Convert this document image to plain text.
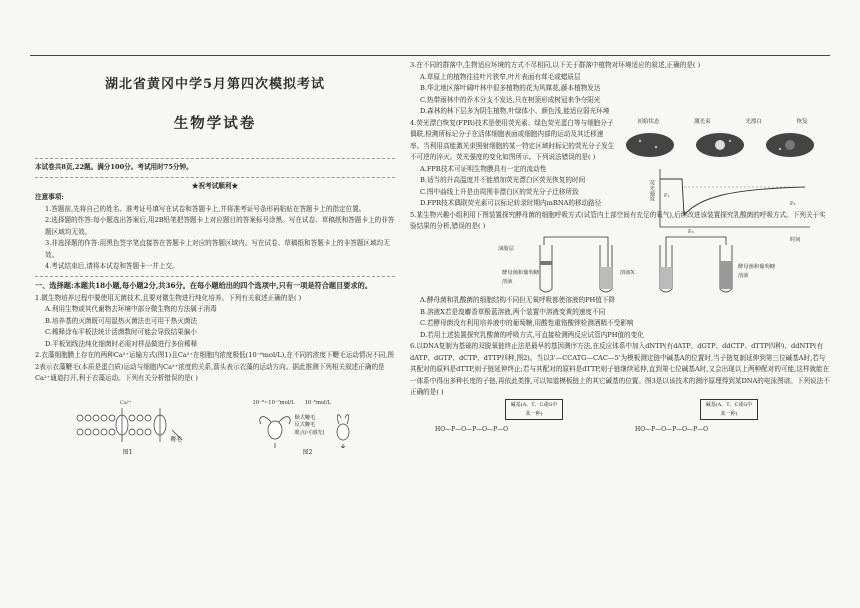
湖北省黄冈中学5月第四次模拟考试
生物学试卷
本试卷共8页,22题。满分100分。考试用时75分钟。
★祝考试顺利★
注意事项:
1.答题前,先将自己的姓名、准考证号填写在试卷和答题卡上,并将准考证号条形码粘贴在答题卡上的指定位置。
2.选择题的作答:每小题选出答案后,用2B铅笔把答题卡上对应题目的答案标号涂黑。写在试卷、草稿纸和答题卡上的非答题区域均无效。
3.非选择题的作答:用黑色签字笔直接答在答题卡上对应的答题区域内。写在试卷、草稿纸和答题卡上的非答题区域均无效。
4.考试结束后,请将本试卷和答题卡一并上交。
一、选择题:本题共18小题,每小题2分,共36分。在每小题给出的四个选项中,只有一项是符合题目要求的。
1.微生物培养过程中要使用无菌技术,且要对微生物进行纯化培养。下列有关叙述正确的是( )
A.利用生物或其代谢物去环境中部分微生物的方法属于消毒
B.培养基的灭菌既可用湿热灭菌法也可用干热灭菌法
C.稀释涂布平板法统计活菌数时可能会导致结果偏小
D.平板划线法纯化细菌时必需对样品做进行多倍稀释
2.衣藻细胞膜上存在的两种Ca²⁺运输方式(图1)且Ca²⁺在细胞内浓度极低(10⁻⁸mol/L),在不同的浓度下鞭毛运动情况不同,图2表示衣藻鞭毛(本质是蛋白质)运动与细胞内Ca²⁺浓度的关系,箭头表示衣藻的运动方向。据此推测下列相关叙述正确的是 Ca²⁺通道打开,利于衣藻运动。下列有关分析错误的是( )
Ca²⁺
鞭毛
图1
10⁻⁸~10⁻⁷mol/L 10⁻⁶mol/L
顺式鞭毛
反式鞭毛
眼点(可感光)
图2
3.在不同的群落中,生物适应环境的方式不尽相同,以下关于群落中植物对环境适应的叙述,正确的是( )
A.草原上的植物往往叶片狭窄,叶片表面有茸毛或蜡质层
B.华北地区落叶阔叶林中很多植物的花为风媒花,藤本植物发达
C.热带雨林中的乔木分支不发达,只在树顶形成树冠来争夺阳光
D.森林的林下层多为阴生植物,叶绿体小、颜色浅,能适应弱光环境
4.荧光漂白恢复(FPR)技术是使用荧光素、绿色荧光蛋白等与细胞分子偶联,检测所标记分子在活体细胞表面或细胞内部的运动及其迁移速率。当利用高能激光束照射细胞的某一特定区域时标记的荧光分子发生不可逆的淬灭。荧光强度的变化如图所示。下列说法错误的是( )
初始状态	激光束	光漂白	恢复
荧光强度
时间
F₁
F₀
F₂
A.FPR技术可证明生物膜具有一定的流动性
B.适当的升高温度并不能增加荧光漂白区荧光恢复的时间
C.图中曲线上升是由周围非漂白区的荧光分子迁移所致
D.FPR技术偶联荧光素可以标记转录时期内mRNA的移动路径
5.某生物兴趣小组利用下图装置探究酵母菌的细胞呼吸方式(试管内上部空间有充足的氧气),后续改进该装置探究乳酸菌的呼吸方式。下列关于实验结果的分析,错误的是( )
油脂层
酵母菌和葡萄糖溶液
溶液X
酵母菌和葡萄糖溶液
A.酵母菌和乳酸菌的细胞结构不同但无氧呼吸都使溶液的PH值下降
B.溶液X若是溴麝香草酚蓝溶液,两个装置中溶液变黄的速度不同
C.若酵母菌没有利用培养液中的葡萄糖,用酸性重铬酸钾检测酒精不受影响
D.若用上述装置探究乳酸菌的呼吸方式,可直接检测两反应试管内PH值的变化
6.以DNA复制为基础的双脱氧链终止法是最早的基因测序方法,在反应体系中加入dNTP(有dATP、dGTP、ddCTP、dTTP四种)、ddNTP(有dATP、dGTP、dCTP、dTTP四种,图2)。当以3'—CCATG—CAC—5'为模板测定链中碱基A的位置时,当子链复制延伸到第三位碱基A时,若与其配对的原料是dTTP,则子链延伸终止;若与其配对的原料是dTTP,则子链继续延伸,直到第七位碱基A时,又会出现以上两种配对的可能,这样就能在一体系中得出多种长度的子链,再依此类推,可以知道模板链上的其它碱基的位置。图3是以该技术的测序原理得到某DNA的电泳图谱。下列说法不正确的是( )
碱基(A、T、C或G中某一种)
碱基(A、T、C或G中某一种)
HO—P—O—P—O—P—O	HO—P—O—P—O—P—O
